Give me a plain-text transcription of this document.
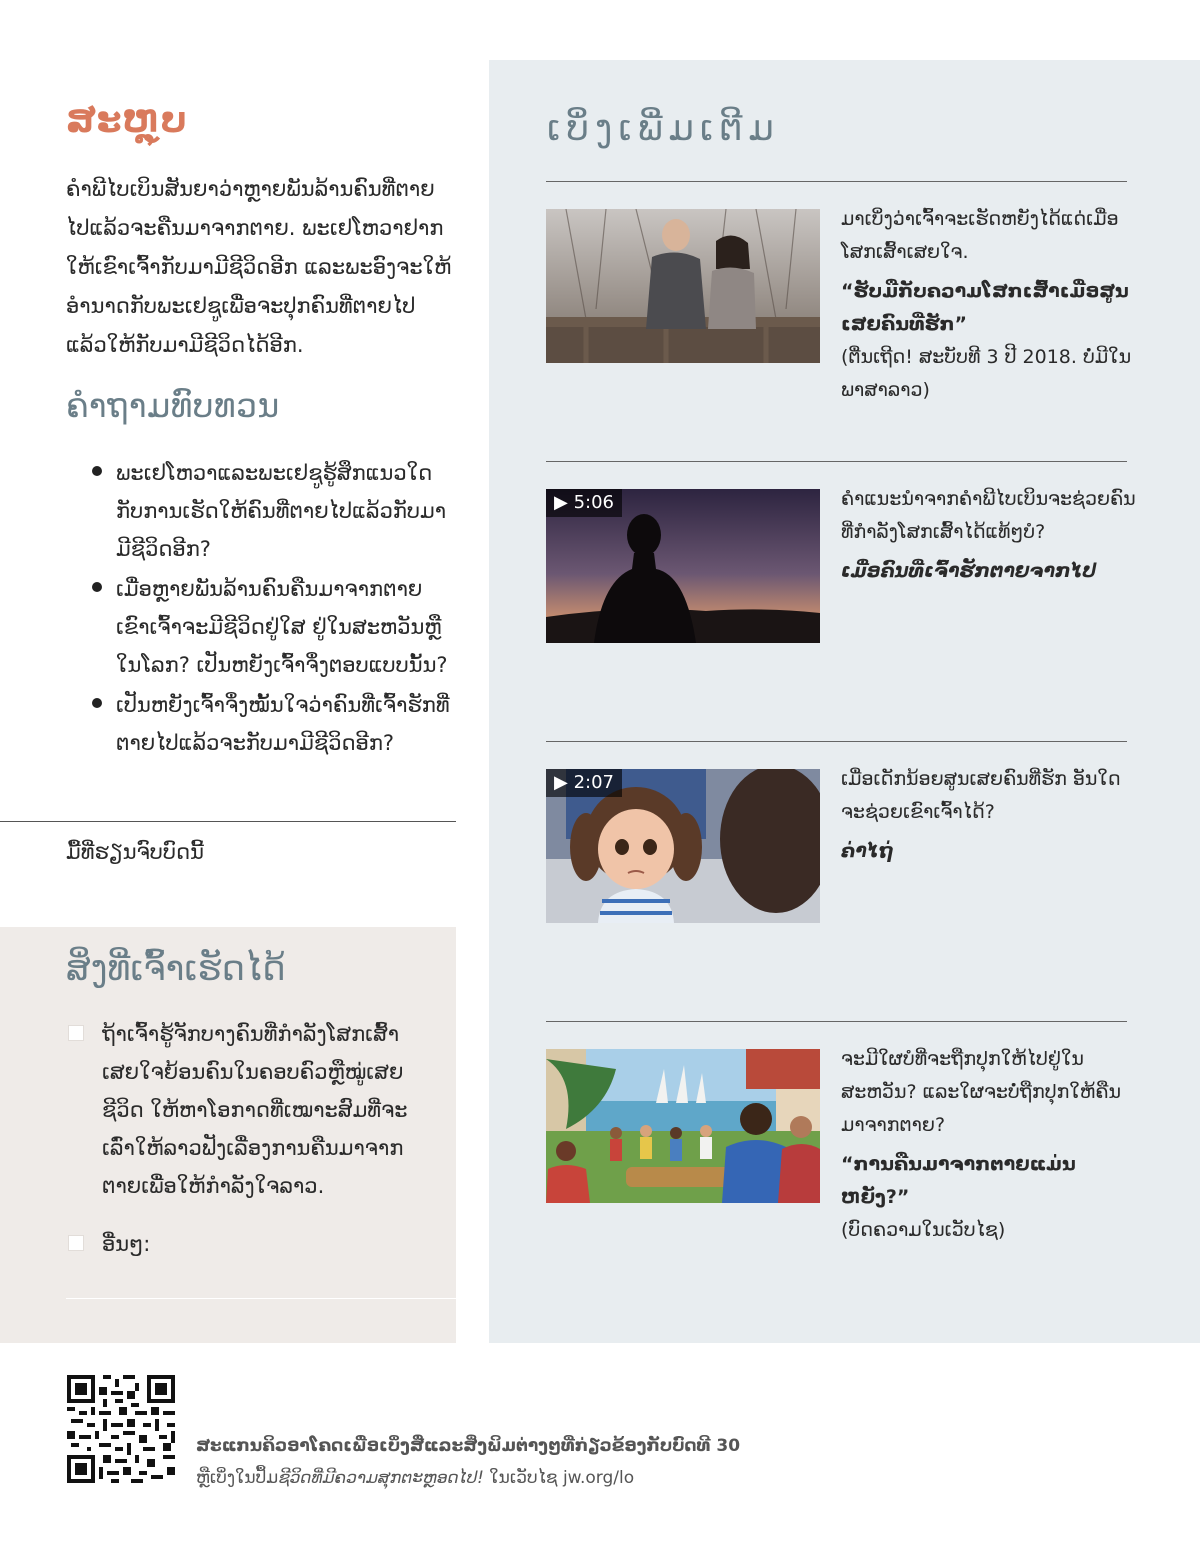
ສະຫຼຸບ

ຄຳພີໄບເບິນສັນຍາວ່າຫຼາຍພັນລ້ານຄົນທີ່ຕາຍໄປແລ້ວຈະຄືນມາຈາກຕາຍ. ພະເຢໂຫວາຢາກໃຫ້ເຂົາເຈົ້າກັບມາມີຊີວິດອີກ ແລະພະອົງຈະໃຫ້ອຳນາດກັບພະເຢຊູເພື່ອຈະປຸກຄົນທີ່ຕາຍໄປແລ້ວໃຫ້ກັບມາມີຊີວິດໄດ້ອີກ.

ຄຳຖາມທົບທວນ
ພະເຢໂຫວາແລະພະເຢຊູຮູ້ສຶກແນວໃດກັບການເຮັດໃຫ້ຄົນທີ່ຕາຍໄປແລ້ວກັບມາມີຊີວິດອີກ?
ເມື່ອຫຼາຍພັນລ້ານຄົນຄືນມາຈາກຕາຍ ເຂົາເຈົ້າຈະມີຊີວິດຢູ່ໃສ ຢູ່ໃນສະຫວັນຫຼືໃນໂລກ? ເປັນຫຍັງເຈົ້າຈຶ່ງຕອບແບບນັ້ນ?
ເປັນຫຍັງເຈົ້າຈຶ່ງໝັ້ນໃຈວ່າຄົນທີ່ເຈົ້າຮັກທີ່ຕາຍໄປແລ້ວຈະກັບມາມີຊີວິດອີກ?
ມື້ທີ່ຮຽນຈົບບົດນີ້
ສິ່ງທີ່ເຈົ້າເຮັດໄດ້
ຖ້າເຈົ້າຮູ້ຈັກບາງຄົນທີ່ກຳລັງໂສກເສົ້າເສຍໃຈຍ້ອນຄົນໃນຄອບຄົວຫຼືໝູ່ເສຍຊີວິດ ໃຫ້ຫາໂອກາດທີ່ເໝາະສົມທີ່ຈະເລົ່າໃຫ້ລາວຟັງເລື່ອງການຄືນມາຈາກຕາຍເພື່ອໃຫ້ກຳລັງໃຈລາວ.
ອື່ນໆ:
ເບິ່ງເພີ່ມເຕີມ
ມາເບິ່ງວ່າເຈົ້າຈະເຮັດຫຍັງໄດ້ແດ່ເມື່ອໂສກເສົ້າເສຍໃຈ.
“ຮັບມືກັບຄວາມໂສກເສົ້າເມື່ອສູນເສຍຄົນທີ່ຮັກ”
(ຕື່ນເຖີດ! ສະບັບທີ 3 ປີ 2018. ບໍ່ມີໃນພາສາລາວ)
▶ 5:06	ຄຳແນະນຳຈາກຄຳພີໄບເບິນຈະຊ່ວຍຄົນທີ່ກຳລັງໂສກເສົ້າໄດ້ແທ້ໆບໍ?
ເມື່ອຄົນທີ່ເຈົ້າຮັກຕາຍຈາກໄປ
▶ 2:07	ເມື່ອເດັກນ້ອຍສູນເສຍຄົນທີ່ຮັກ ອັນໃດຈະຊ່ວຍເຂົາເຈົ້າໄດ້?
ຄ່າໄຖ່
ຈະມີໃຜບໍທີ່ຈະຖືກປຸກໃຫ້ໄປຢູ່ໃນສະຫວັນ? ແລະໃຜຈະບໍ່ຖືກປຸກໃຫ້ຄືນມາຈາກຕາຍ?
“ການຄືນມາຈາກຕາຍແມ່ນຫຍັງ?”
(ບົດຄວາມໃນເວັບໄຊ)
ສະແກນຄິວອາໂຄດເພື່ອເບິ່ງສື່ແລະສິ່ງພິມຕ່າງໆທີ່ກ່ຽວຂ້ອງກັບບົດທີ 30
ຫຼືເບິ່ງໃນປຶ້ມຊີວິດທີ່ມີຄວາມສຸກຕະຫຼອດໄປ! ໃນເວັບໄຊ jw.org/lo
